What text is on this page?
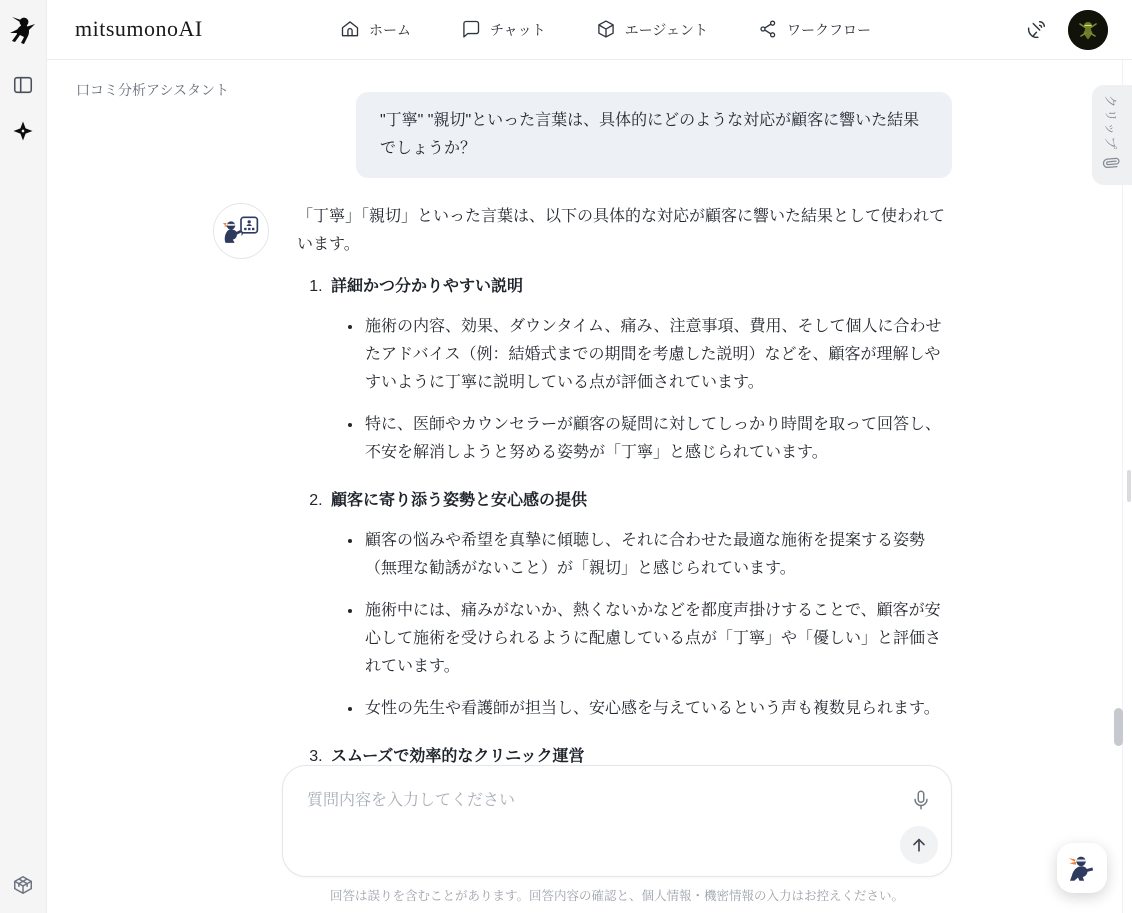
mitsumonoAI	ホーム	チャット	エージェント	ワークフロー
口コミ分析アシスタント
"丁寧" "親切"といった言葉は、具体的にどのような対応が顧客に響いた結果でしょうか？

「丁寧」「親切」といった言葉は、以下の具体的な対応が顧客に響いた結果として使われています。

1. 詳細かつ分かりやすい説明
• 施術の内容、効果、ダウンタイム、痛み、注意事項、費用、そして個人に合わせたアドバイス（例：結婚式までの期間を考慮した説明）などを、顧客が理解しやすいように丁寧に説明している点が評価されています。
• 特に、医師やカウンセラーが顧客の疑問に対してしっかり時間を取って回答し、不安を解消しようと努める姿勢が「丁寧」と感じられています。
2. 顧客に寄り添う姿勢と安心感の提供
• 顧客の悩みや希望を真摯に傾聴し、それに合わせた最適な施術を提案する姿勢（無理な勧誘がないこと）が「親切」と感じられています。
• 施術中には、痛みがないか、熱くないかなどを都度声掛けすることで、顧客が安心して施術を受けられるように配慮している点が「丁寧」や「優しい」と評価されています。
• 女性の先生や看護師が担当し、安心感を与えているという声も複数見られます。
3. スムーズで効率的なクリニック運営
•
クリップ
質問内容を入力してください
回答は誤りを含むことがあります。回答内容の確認と、個人情報・機密情報の入力はお控えください。
